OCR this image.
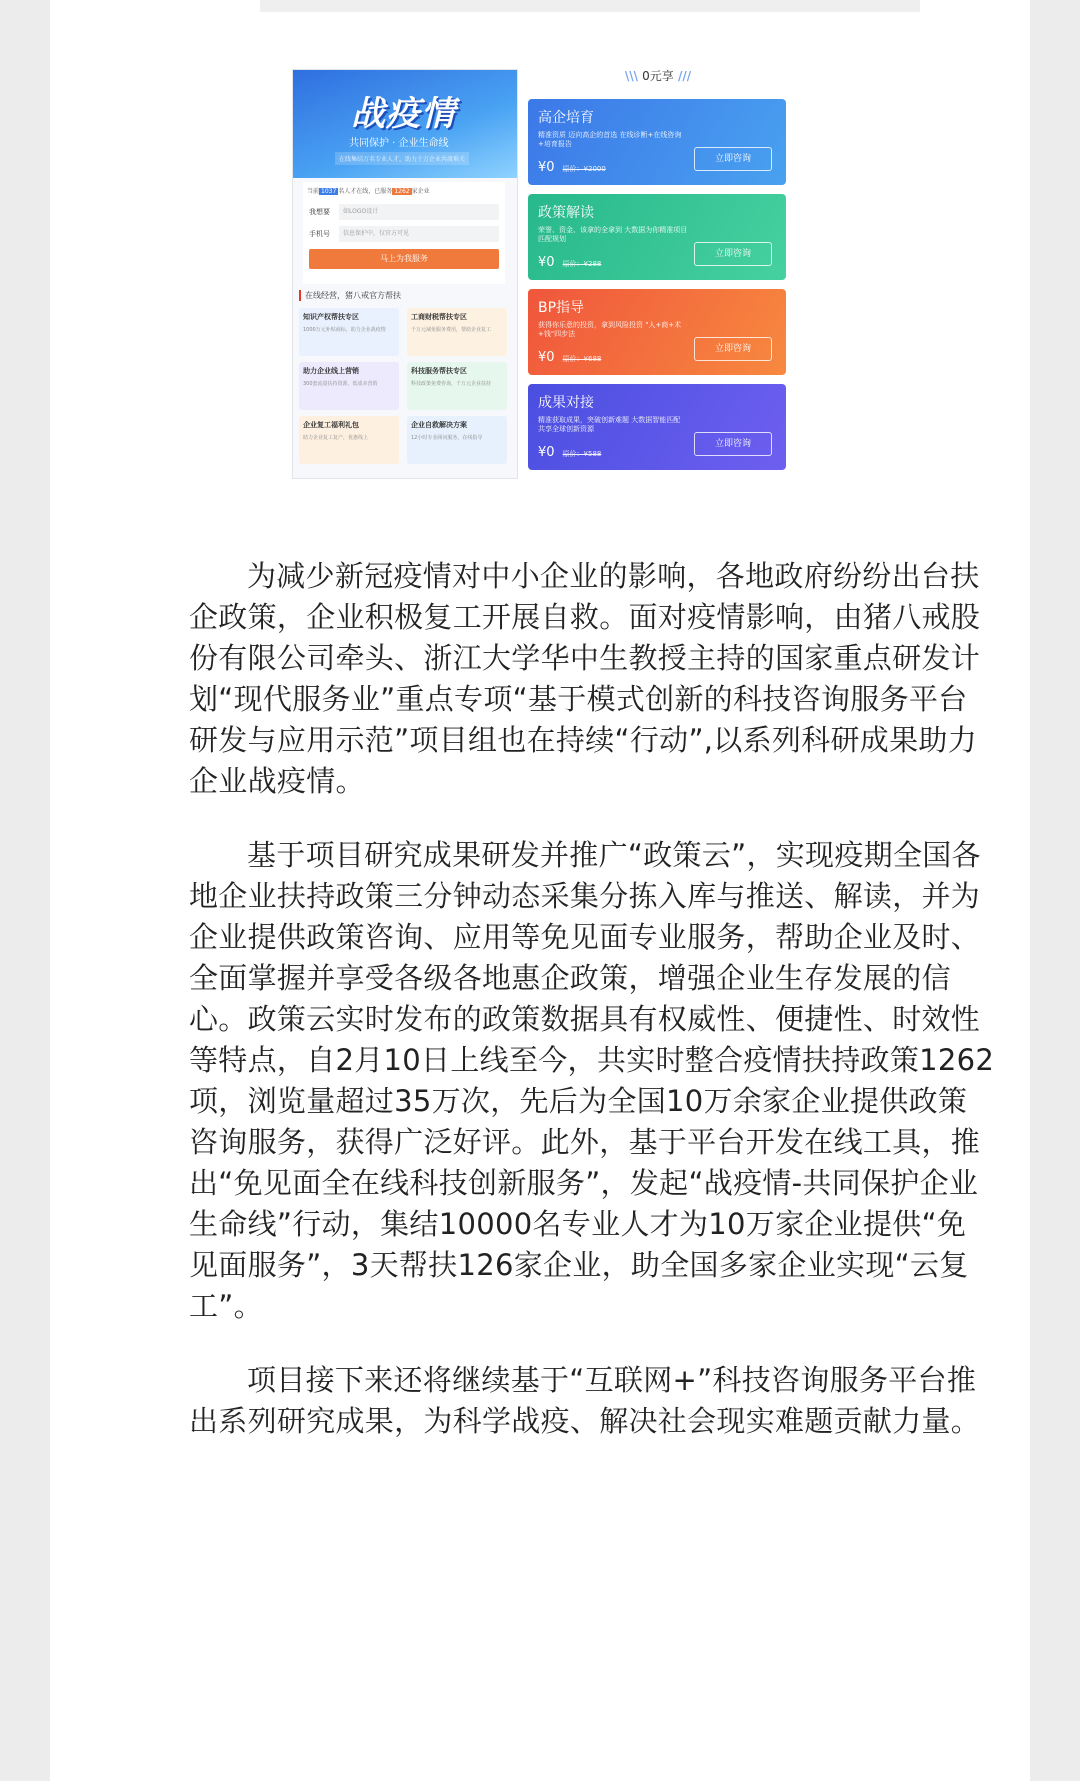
战疫情
共同保护 · 企业生命线
在线集结万名专业人才，助力十万企业共渡难关
当前 1037 名人才在线，已服务 1262 家企业
我想要	如LOGO设计
手机号	信息保护中，仅官方可见
马上为我服务
在线经营，猪八戒官方帮扶
知识产权帮扶专区
1000万元补贴商标，助力企业战疫情
工商财税帮扶专区
千万元减免服务费用，帮助企业复工
助力企业线上营销
300套流量扶持资源，低成本营销
科技服务帮扶专区
科技政策免费咨询，千万元企业扶持
企业复工福利礼包
助力企业复工复产，优惠线上
企业自救解决方案
12小时专业顾问服务，在线指导
\\\ 0元享 ///
高企培育
精准资质 迈向高企的首选 在线诊断+在线咨询+培育报告
¥0 原价：¥2000
立即咨询
政策解读
荣誉、资金、该拿的全拿到 大数据为你精准项目匹配规划
¥0 原价：¥288
立即咨询
BP指导
获得你乐意的投资，拿到风险投资 "人+商+术+钱"四步法
¥0 原价：¥688
立即咨询
成果对接
精准获取成果，突破创新难题 大数据智能匹配 共享全球创新资源
¥0 原价：¥588
立即咨询

为减少新冠疫情对中小企业的影响，各地政府纷纷出台扶企政策，企业积极复工开展自救。面对疫情影响，由猪八戒股份有限公司牵头、浙江大学华中生教授主持的国家重点研发计划“现代服务业”重点专项“基于模式创新的科技咨询服务平台研发与应用示范”项目组也在持续“行动”,以系列科研成果助力企业战疫情。

基于项目研究成果研发并推广“政策云”，实现疫期全国各地企业扶持政策三分钟动态采集分拣入库与推送、解读，并为企业提供政策咨询、应用等免见面专业服务，帮助企业及时、全面掌握并享受各级各地惠企政策，增强企业生存发展的信心。政策云实时发布的政策数据具有权威性、便捷性、时效性等特点，自2月10日上线至今，共实时整合疫情扶持政策1262项，浏览量超过35万次，先后为全国10万余家企业提供政策咨询服务，获得广泛好评。此外，基于平台开发在线工具，推出“免见面全在线科技创新服务”，发起“战疫情-共同保护企业生命线”行动，集结10000名专业人才为10万家企业提供“免见面服务”，3天帮扶126家企业，助全国多家企业实现“云复工”。

项目接下来还将继续基于“互联网+”科技咨询服务平台推出系列研究成果，为科学战疫、解决社会现实难题贡献力量。
